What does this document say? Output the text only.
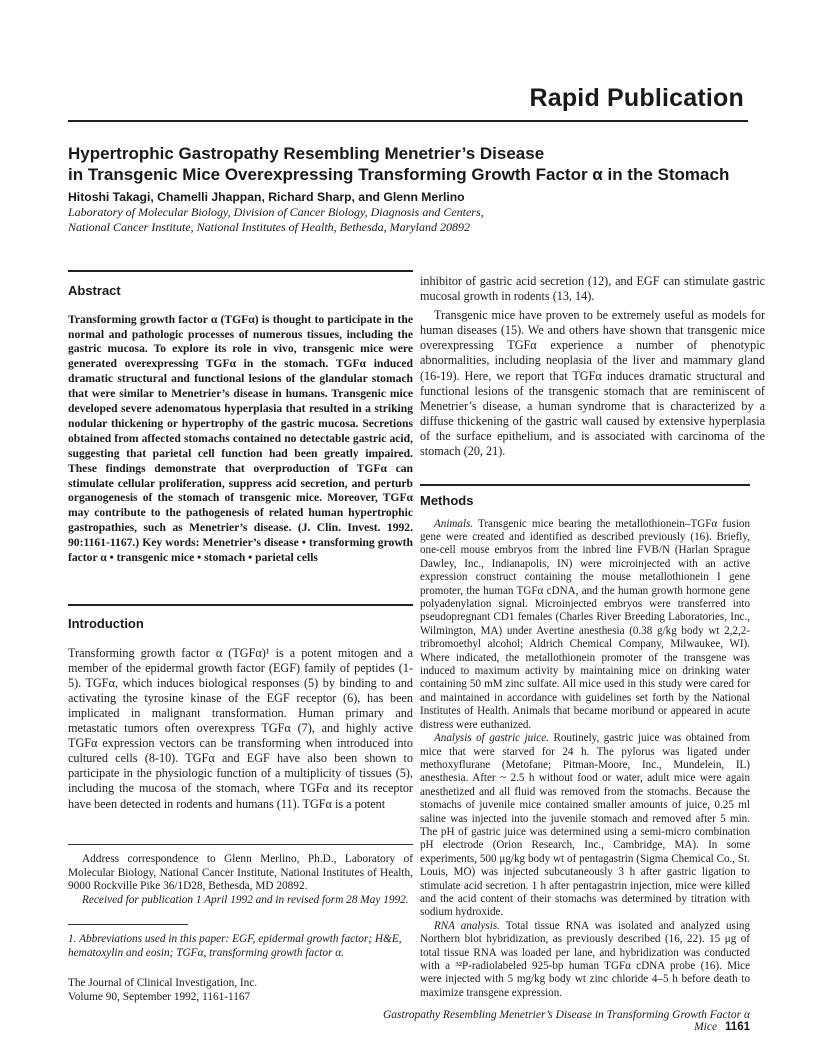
Rapid Publication
Hypertrophic Gastropathy Resembling Menetrier’s Disease
in Transgenic Mice Overexpressing Transforming Growth Factor α in the Stomach
Hitoshi Takagi, Chamelli Jhappan, Richard Sharp, and Glenn Merlino
Laboratory of Molecular Biology, Division of Cancer Biology, Diagnosis and Centers,
National Cancer Institute, National Institutes of Health, Bethesda, Maryland 20892
Abstract

Transforming growth factor α (TGFα) is thought to participate in the normal and pathologic processes of numerous tissues, including the gastric mucosa. To explore its role in vivo, transgenic mice were generated overexpressing TGFα in the stomach. TGFα induced dramatic structural and functional lesions of the glandular stomach that were similar to Menetrier’s disease in humans. Transgenic mice developed severe adenomatous hyperplasia that resulted in a striking nodular thickening or hypertrophy of the gastric mucosa. Secretions obtained from affected stomachs contained no detectable gastric acid, suggesting that parietal cell function had been greatly impaired. These findings demonstrate that overproduction of TGFα can stimulate cellular proliferation, suppress acid secretion, and perturb organogenesis of the stomach of transgenic mice. Moreover, TGFα may contribute to the pathogenesis of related human hypertrophic gastropathies, such as Menetrier’s disease. (J. Clin. Invest. 1992. 90:1161-1167.) Key words: Menetrier’s disease • transforming growth factor α • transgenic mice • stomach • parietal cells

Introduction

Transforming growth factor α (TGFα)¹ is a potent mitogen and a member of the epidermal growth factor (EGF) family of peptides (1-5). TGFα, which induces biological responses (5) by binding to and activating the tyrosine kinase of the EGF receptor (6), has been implicated in malignant transformation. Human primary and metastatic tumors often overexpress TGFα (7), and highly active TGFα expression vectors can be transforming when introduced into cultured cells (8-10). TGFα and EGF have also been shown to participate in the physiologic function of a multiplicity of tissues (5), including the mucosa of the stomach, where TGFα and its receptor have been detected in rodents and humans (11). TGFα is a potent

Address correspondence to Glenn Merlino, Ph.D., Laboratory of Molecular Biology, National Cancer Institute, National Institutes of Health, 9000 Rockville Pike 36/1D28, Bethesda, MD 20892.

Received for publication 1 April 1992 and in revised form 28 May 1992.

1. Abbreviations used in this paper: EGF, epidermal growth factor; H&E, hematoxylin and eosin; TGFα, transforming growth factor α.
The Journal of Clinical Investigation, Inc.
Volume 90, September 1992, 1161-1167

inhibitor of gastric acid secretion (12), and EGF can stimulate gastric mucosal growth in rodents (13, 14).

Transgenic mice have proven to be extremely useful as models for human diseases (15). We and others have shown that transgenic mice overexpressing TGFα experience a number of phenotypic abnormalities, including neoplasia of the liver and mammary gland (16-19). Here, we report that TGFα induces dramatic structural and functional lesions of the transgenic stomach that are reminiscent of Menetrier’s disease, a human syndrome that is characterized by a diffuse thickening of the gastric wall caused by extensive hyperplasia of the surface epithelium, and is associated with carcinoma of the stomach (20, 21).

Methods

Animals. Transgenic mice bearing the metallothionein–TGFα fusion gene were created and identified as described previously (16). Briefly, one-cell mouse embryos from the inbred line FVB/N (Harlan Sprague Dawley, Inc., Indianapolis, IN) were microinjected with an active expression construct containing the mouse metallothionein I gene promoter, the human TGFα cDNA, and the human growth hormone gene polyadenylation signal. Microinjected embryos were transferred into pseudopregnant CD1 females (Charles River Breeding Laboratories, Inc., Wilmington, MA) under Avertine anesthesia (0.38 g/kg body wt 2,2,2-tribromoethyl alcohol; Aldrich Chemical Company, Milwaukee, WI). Where indicated, the metallothionein promoter of the transgene was induced to maximum activity by maintaining mice on drinking water containing 50 mM zinc sulfate. All mice used in this study were cared for and maintained in accordance with guidelines set forth by the National Institutes of Health. Animals that became moribund or appeared in acute distress were euthanized.

Analysis of gastric juice. Routinely, gastric juice was obtained from mice that were starved for 24 h. The pylorus was ligated under methoxyflurane (Metofane; Pitman-Moore, Inc., Mundelein, IL) anesthesia. After ~ 2.5 h without food or water, adult mice were again anesthetized and all fluid was removed from the stomachs. Because the stomachs of juvenile mice contained smaller amounts of juice, 0.25 ml saline was injected into the juvenile stomach and removed after 5 min. The pH of gastric juice was determined using a semi-micro combination pH electrode (Orion Research, Inc., Cambridge, MA). In some experiments, 500 μg/kg body wt of pentagastrin (Sigma Chemical Co., St. Louis, MO) was injected subcutaneously 3 h after gastric ligation to stimulate acid secretion. 1 h after pentagastrin injection, mice were killed and the acid content of their stomachs was determined by titration with sodium hydroxide.

RNA analysis. Total tissue RNA was isolated and analyzed using Northern blot hybridization, as previously described (16, 22). 15 μg of total tissue RNA was loaded per lane, and hybridization was conducted with a ³²P-radiolabeled 925-bp human TGFα cDNA probe (16). Mice were injected with 5 mg/kg body wt zinc chloride 4–5 h before death to maximize transgene expression.

Gastropathy Resembling Menetrier’s Disease in Transforming Growth Factor α Mice 1161
